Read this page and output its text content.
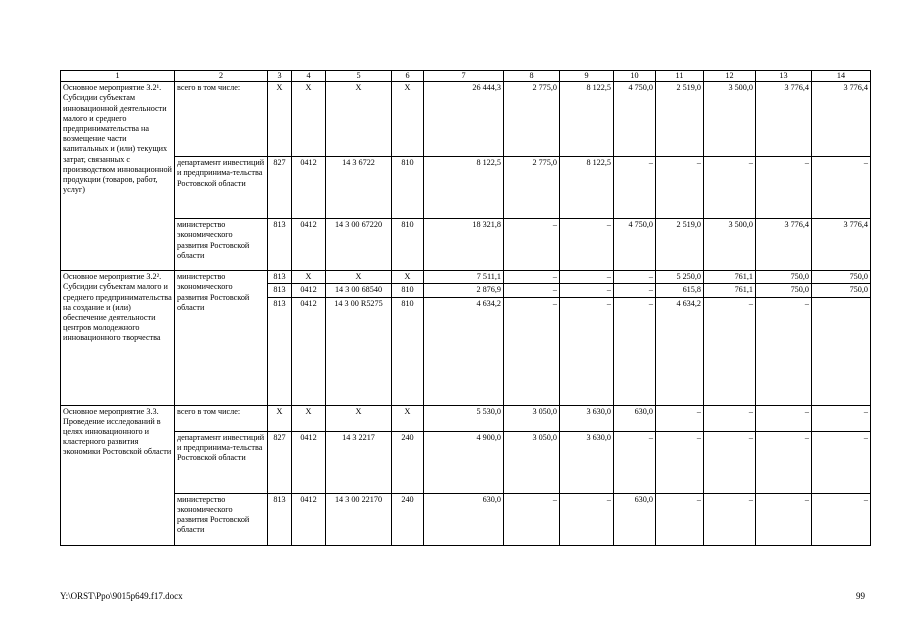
1	2	3	4	5	6	7	8	9	10	11	12	13	14
Основное мероприятие 3.2¹. Субсидии субъектам инновационной деятельности малого и среднего предпринимательства на возмещение части капитальных и (или) текущих затрат, связанных с производством инновационной продукции (товаров, работ, услуг)	всего в том числе:	X	X	X	X	26 444,3	2 775,0	8 122,5	4 750,0	2 519,0	3 500,0	3 776,4	3 776,4
	департамент инвестиций и предпринима-тельства Ростовской области	827	0412	14 3 6722	810	8 122,5	2 775,0	8 122,5	–	–	–	–	–
	министерство экономического развития Ростовской области	813	0412	14 3 00 67220	810	18 321,8	–	–	4 750,0	2 519,0	3 500,0	3 776,4	3 776,4
Основное мероприятие 3.2². Субсидии субъектам малого и среднего предпринимательства на создание и (или) обеспечение деятельности центров молодежного инновационного творчества	министерство экономического развития Ростовской области	813	X	X	X	7 511,1	–	–	–	5 250,0	761,1	750,0	750,0
		813	0412	14 3 00 68540	810	2 876,9	–	–	–	615,8	761,1	750,0	750,0
		813	0412	14 3 00 R5275	810	4 634,2	–	–	–	4 634,2	–	–	
Основное мероприятие 3.3. Проведение исследований в целях инновационного и кластерного развития экономики Ростовской области	всего в том числе:	X	X	X	X	5 530,0	3 050,0	3 630,0	630,0	–	–	–	–
	департамент инвестиций и предпринима-тельства Ростовской области	827	0412	14 3 2217	240	4 900,0	3 050,0	3 630,0	–	–	–	–	–
	министерство экономического развития Ростовской области	813	0412	14 3 00 22170	240	630,0	–	–	630,0	–	–	–	–
Y:\ORST\Ppo\9015p649.f17.docx	99
